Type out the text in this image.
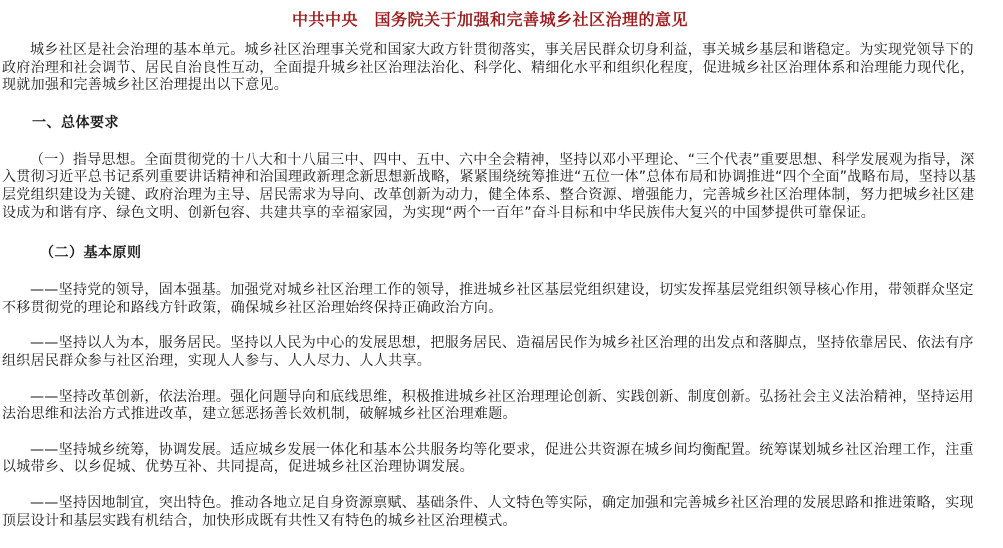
中共中央　国务院关于加强和完善城乡社区治理的意见

城乡社区是社会治理的基本单元。城乡社区治理事关党和国家大政方针贯彻落实，事关居民群众切身利益，事关城乡基层和谐稳定。为实现党领导下的政府治理和社会调节、居民自治良性互动，全面提升城乡社区治理法治化、科学化、精细化水平和组织化程度，促进城乡社区治理体系和治理能力现代化，现就加强和完善城乡社区治理提出以下意见。

一、总体要求

（一）指导思想。全面贯彻党的十八大和十八届三中、四中、五中、六中全会精神，坚持以邓小平理论、“三个代表”重要思想、科学发展观为指导，深入贯彻习近平总书记系列重要讲话精神和治国理政新理念新思想新战略，紧紧围绕统筹推进“五位一体”总体布局和协调推进“四个全面”战略布局，坚持以基层党组织建设为关键、政府治理为主导、居民需求为导向、改革创新为动力，健全体系、整合资源、增强能力，完善城乡社区治理体制，努力把城乡社区建设成为和谐有序、绿色文明、创新包容、共建共享的幸福家园，为实现“两个一百年”奋斗目标和中华民族伟大复兴的中国梦提供可靠保证。

（二）基本原则

——坚持党的领导，固本强基。加强党对城乡社区治理工作的领导，推进城乡社区基层党组织建设，切实发挥基层党组织领导核心作用，带领群众坚定不移贯彻党的理论和路线方针政策，确保城乡社区治理始终保持正确政治方向。

——坚持以人为本，服务居民。坚持以人民为中心的发展思想，把服务居民、造福居民作为城乡社区治理的出发点和落脚点，坚持依靠居民、依法有序组织居民群众参与社区治理，实现人人参与、人人尽力、人人共享。

——坚持改革创新，依法治理。强化问题导向和底线思维，积极推进城乡社区治理理论创新、实践创新、制度创新。弘扬社会主义法治精神，坚持运用法治思维和法治方式推进改革，建立惩恶扬善长效机制，破解城乡社区治理难题。

——坚持城乡统筹，协调发展。适应城乡发展一体化和基本公共服务均等化要求，促进公共资源在城乡间均衡配置。统筹谋划城乡社区治理工作，注重以城带乡、以乡促城、优势互补、共同提高，促进城乡社区治理协调发展。

——坚持因地制宜，突出特色。推动各地立足自身资源禀赋、基础条件、人文特色等实际，确定加强和完善城乡社区治理的发展思路和推进策略，实现顶层设计和基层实践有机结合，加快形成既有共性又有特色的城乡社区治理模式。
